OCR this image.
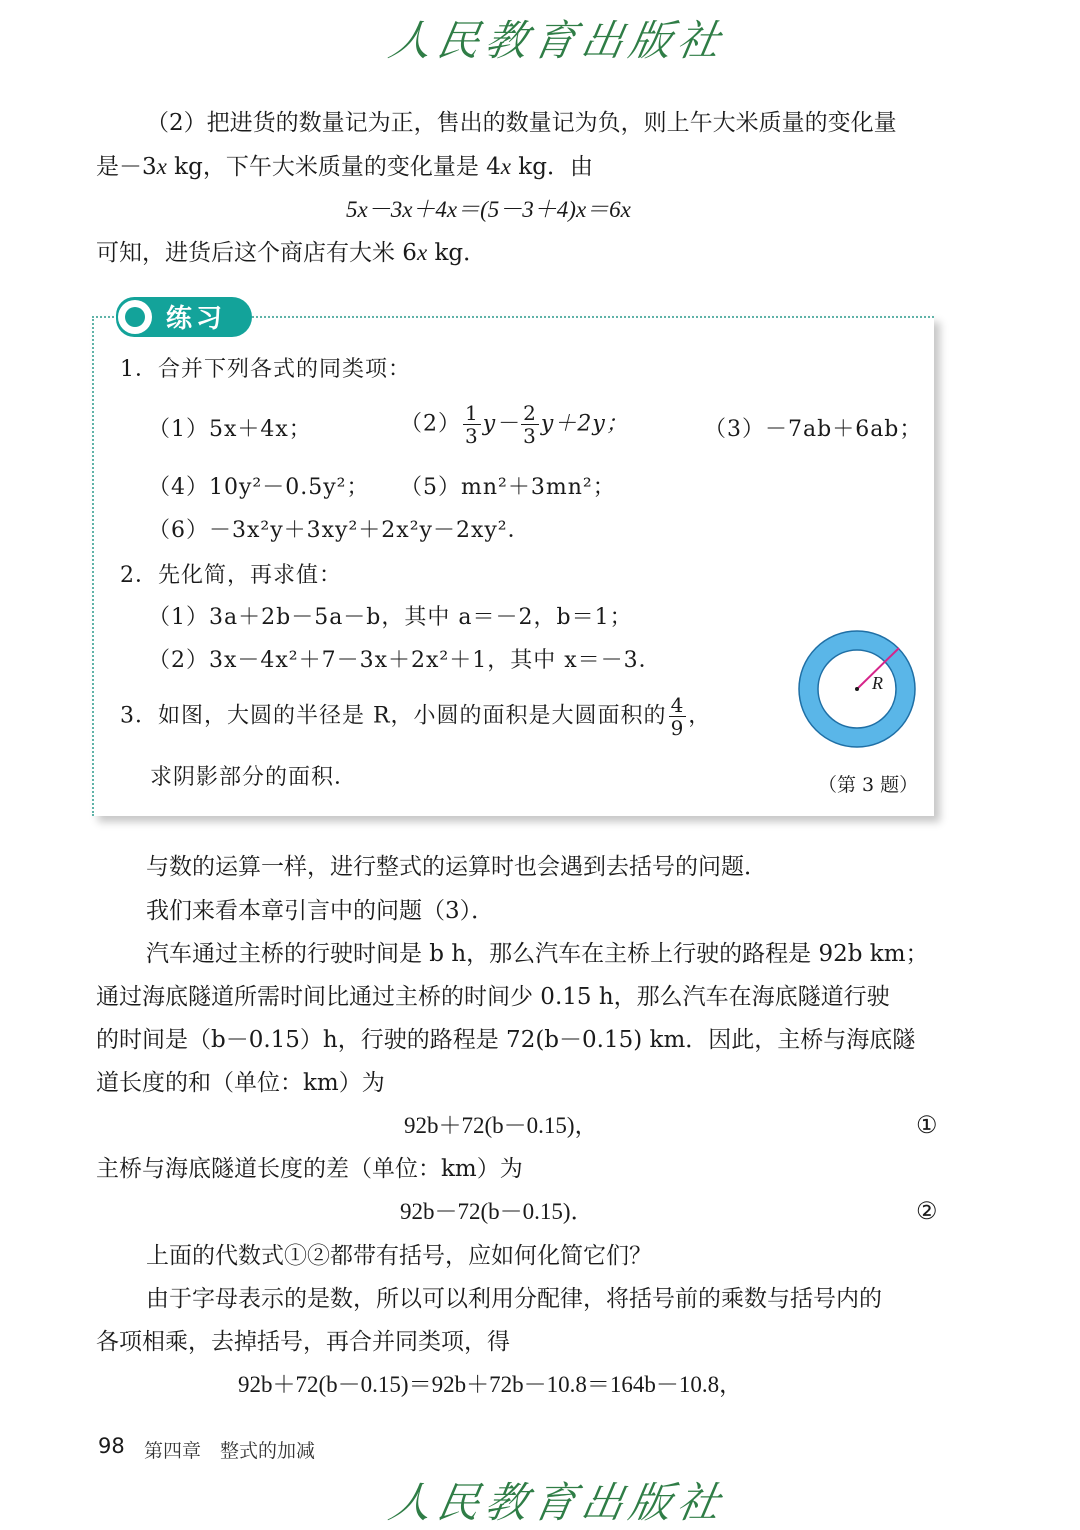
人民教育出版社
（2）把进货的数量记为正，售出的数量记为负，则上午大米质量的变化量
是－3x kg，下午大米质量的变化量是 4x kg．由
5x－3x＋4x＝(5－3＋4)x＝6x
可知，进货后这个商店有大米 6x kg．
练习
1．合并下列各式的同类项：
（1）5x＋4x；	$(2) \frac{1}{3} y- \frac{2}{3} y+2y$；	（3）－7ab＋6ab；
（4）10y²－0.5y²； （5）mn²＋3mn²；
（6）－3x²y＋3xy²＋2x²y－2xy²．
2．先化简，再求值：
（1）3a＋2b－5a－b，其中 a＝－2，b＝1；
（2）3x－4x²＋7－3x＋2x²＋1，其中 x＝－3．
3．如图，大圆的半径是 R，小圆的面积是大圆面积的 $\frac{4}{9}$ ，
求阴影部分的面积．
R
（第 3 题）
与数的运算一样，进行整式的运算时也会遇到去括号的问题．
我们来看本章引言中的问题（3）．
汽车通过主桥的行驶时间是 b h，那么汽车在主桥上行驶的路程是 92b km；
通过海底隧道所需时间比通过主桥的时间少 0.15 h，那么汽车在海底隧道行驶
的时间是（b－0.15）h，行驶的路程是 72(b－0.15) km．因此，主桥与海底隧
道长度的和（单位：km）为
92b＋72(b－0.15)，	①
主桥与海底隧道长度的差（单位：km）为
92b－72(b－0.15)．	②
上面的代数式①②都带有括号，应如何化简它们？
由于字母表示的是数，所以可以利用分配律，将括号前的乘数与括号内的
各项相乘，去掉括号，再合并同类项，得
92b＋72(b－0.15)＝92b＋72b－10.8＝164b－10.8，
98 第四章　整式的加减
人民教育出版社
